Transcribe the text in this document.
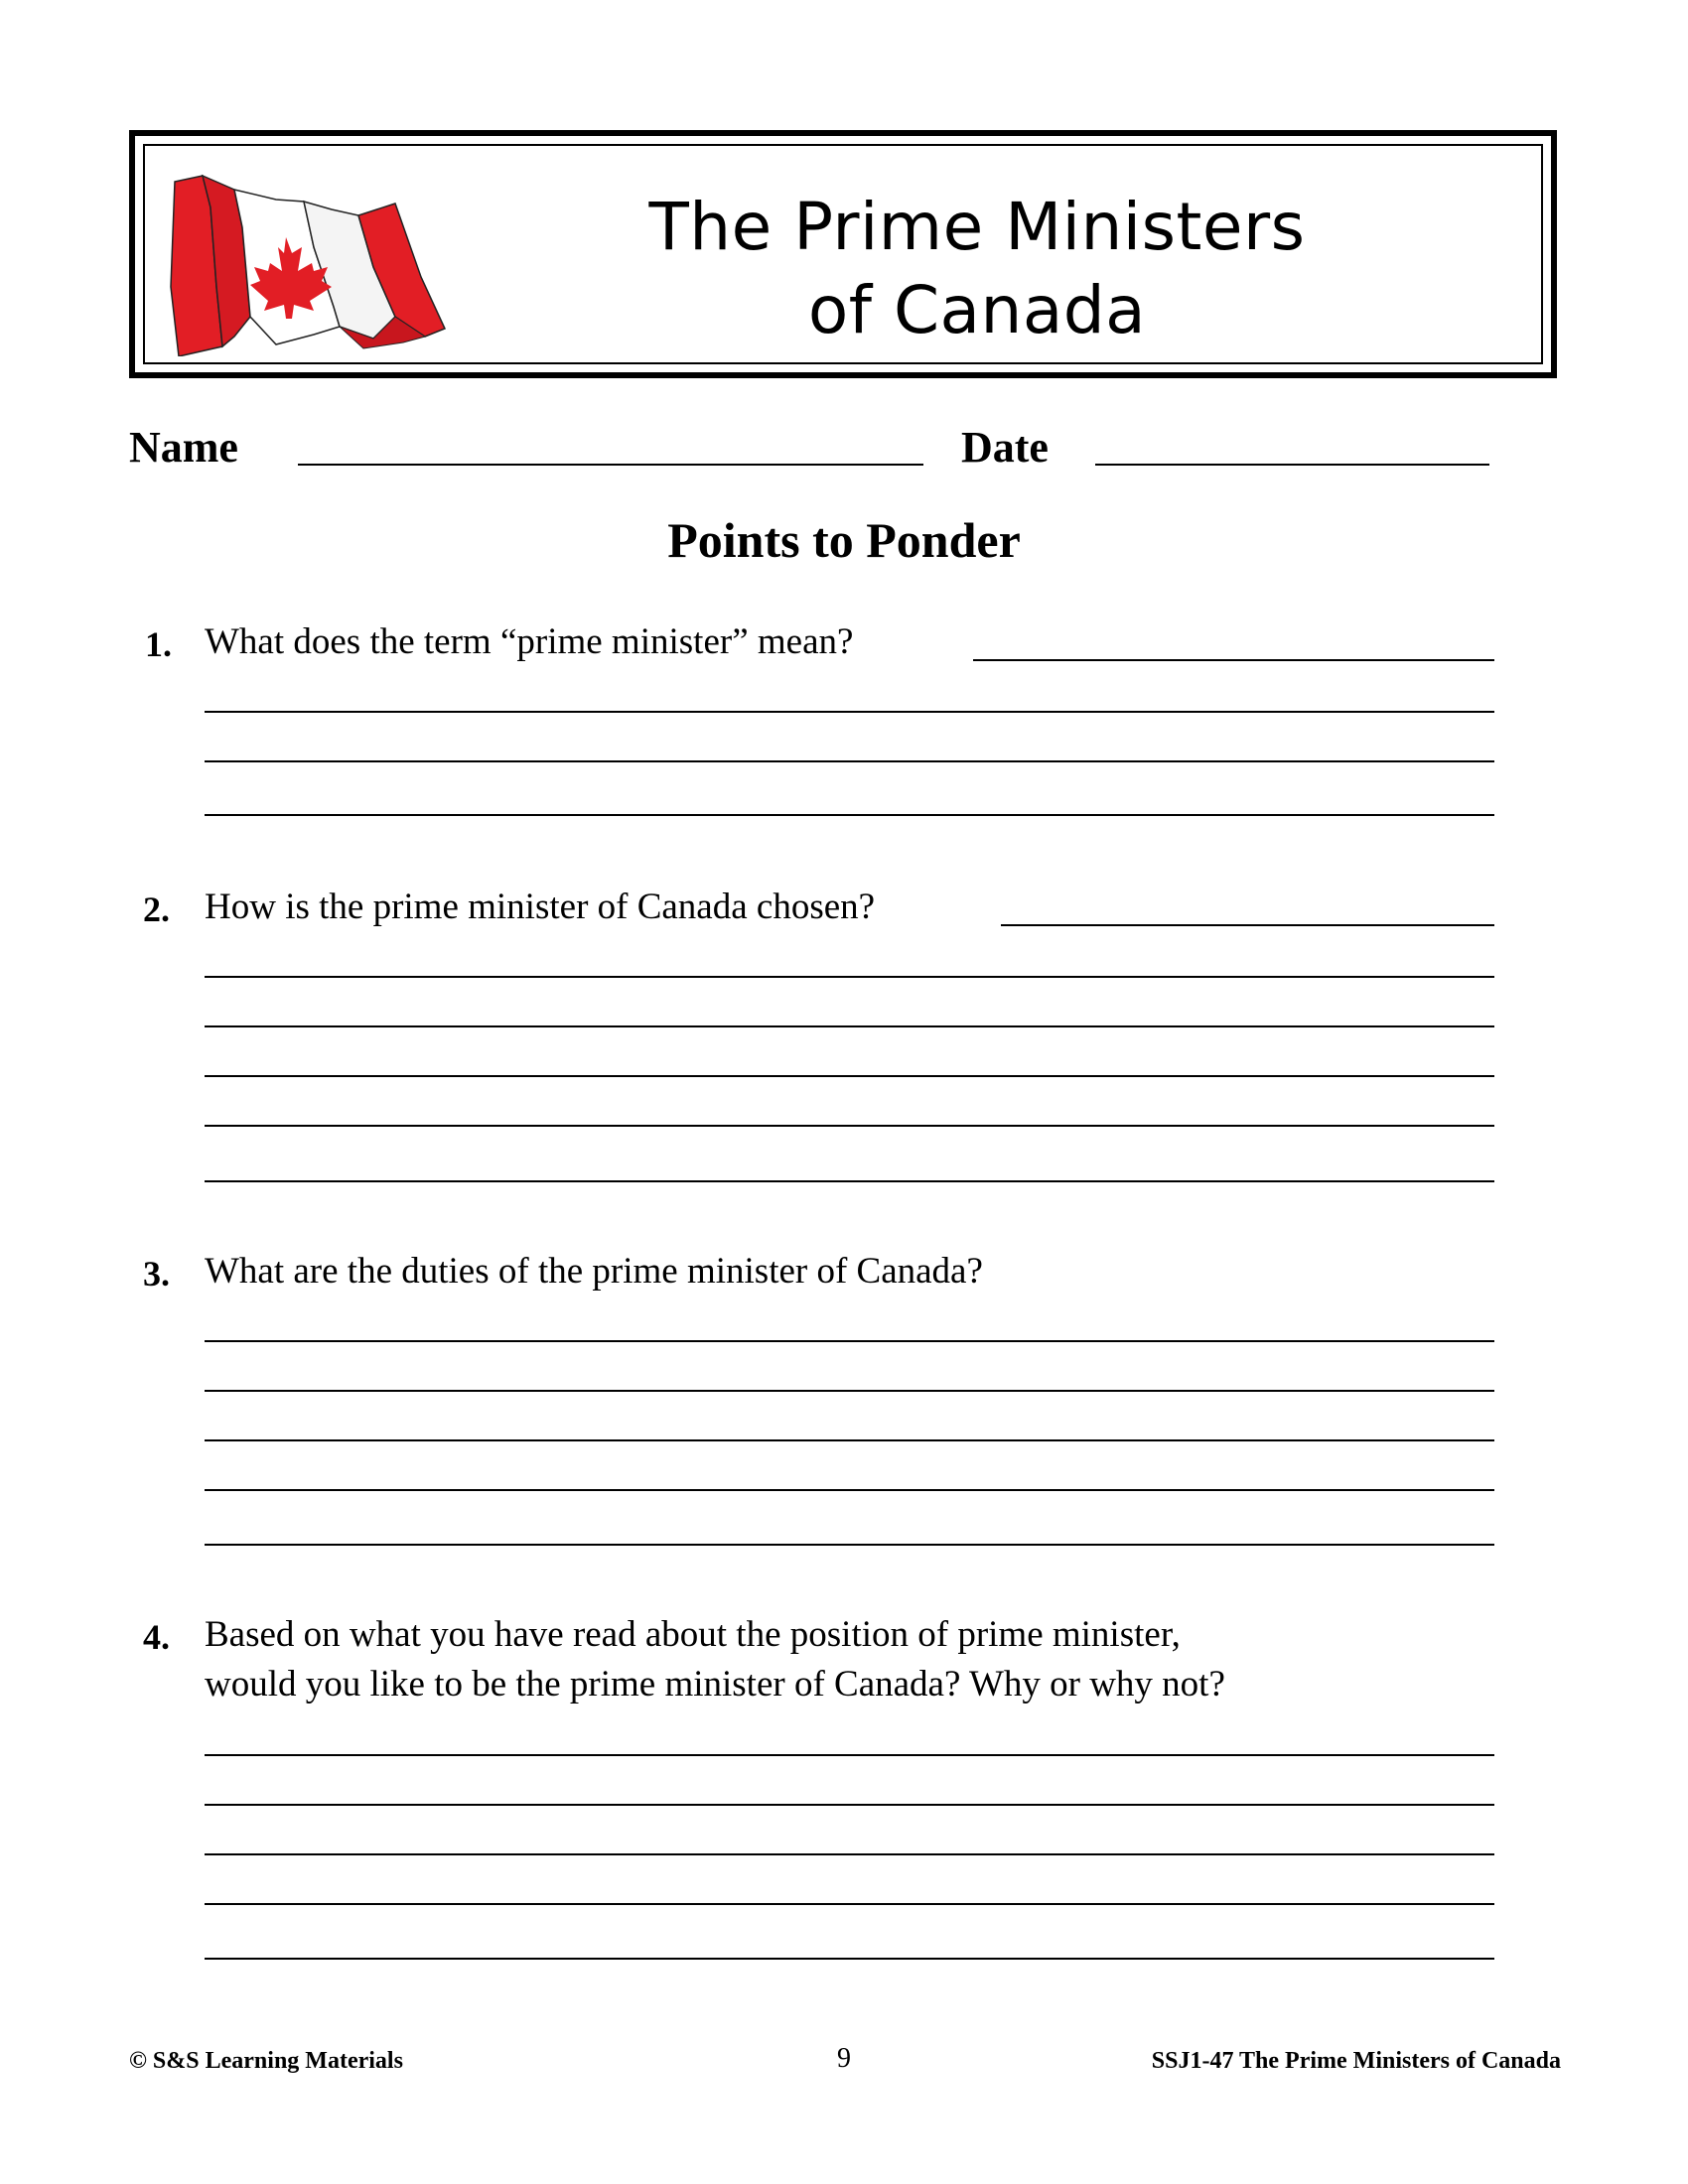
The Prime Ministers
of Canada
Name	Date
Points to Ponder
1. What does the term “prime minister” mean?
2. How is the prime minister of Canada chosen?
3. What are the duties of the prime minister of Canada?
4. Based on what you have read about the position of prime minister,
would you like to be the prime minister of Canada? Why or why not?
© S&S Learning Materials	9	SSJ1-47 The Prime Ministers of Canada
